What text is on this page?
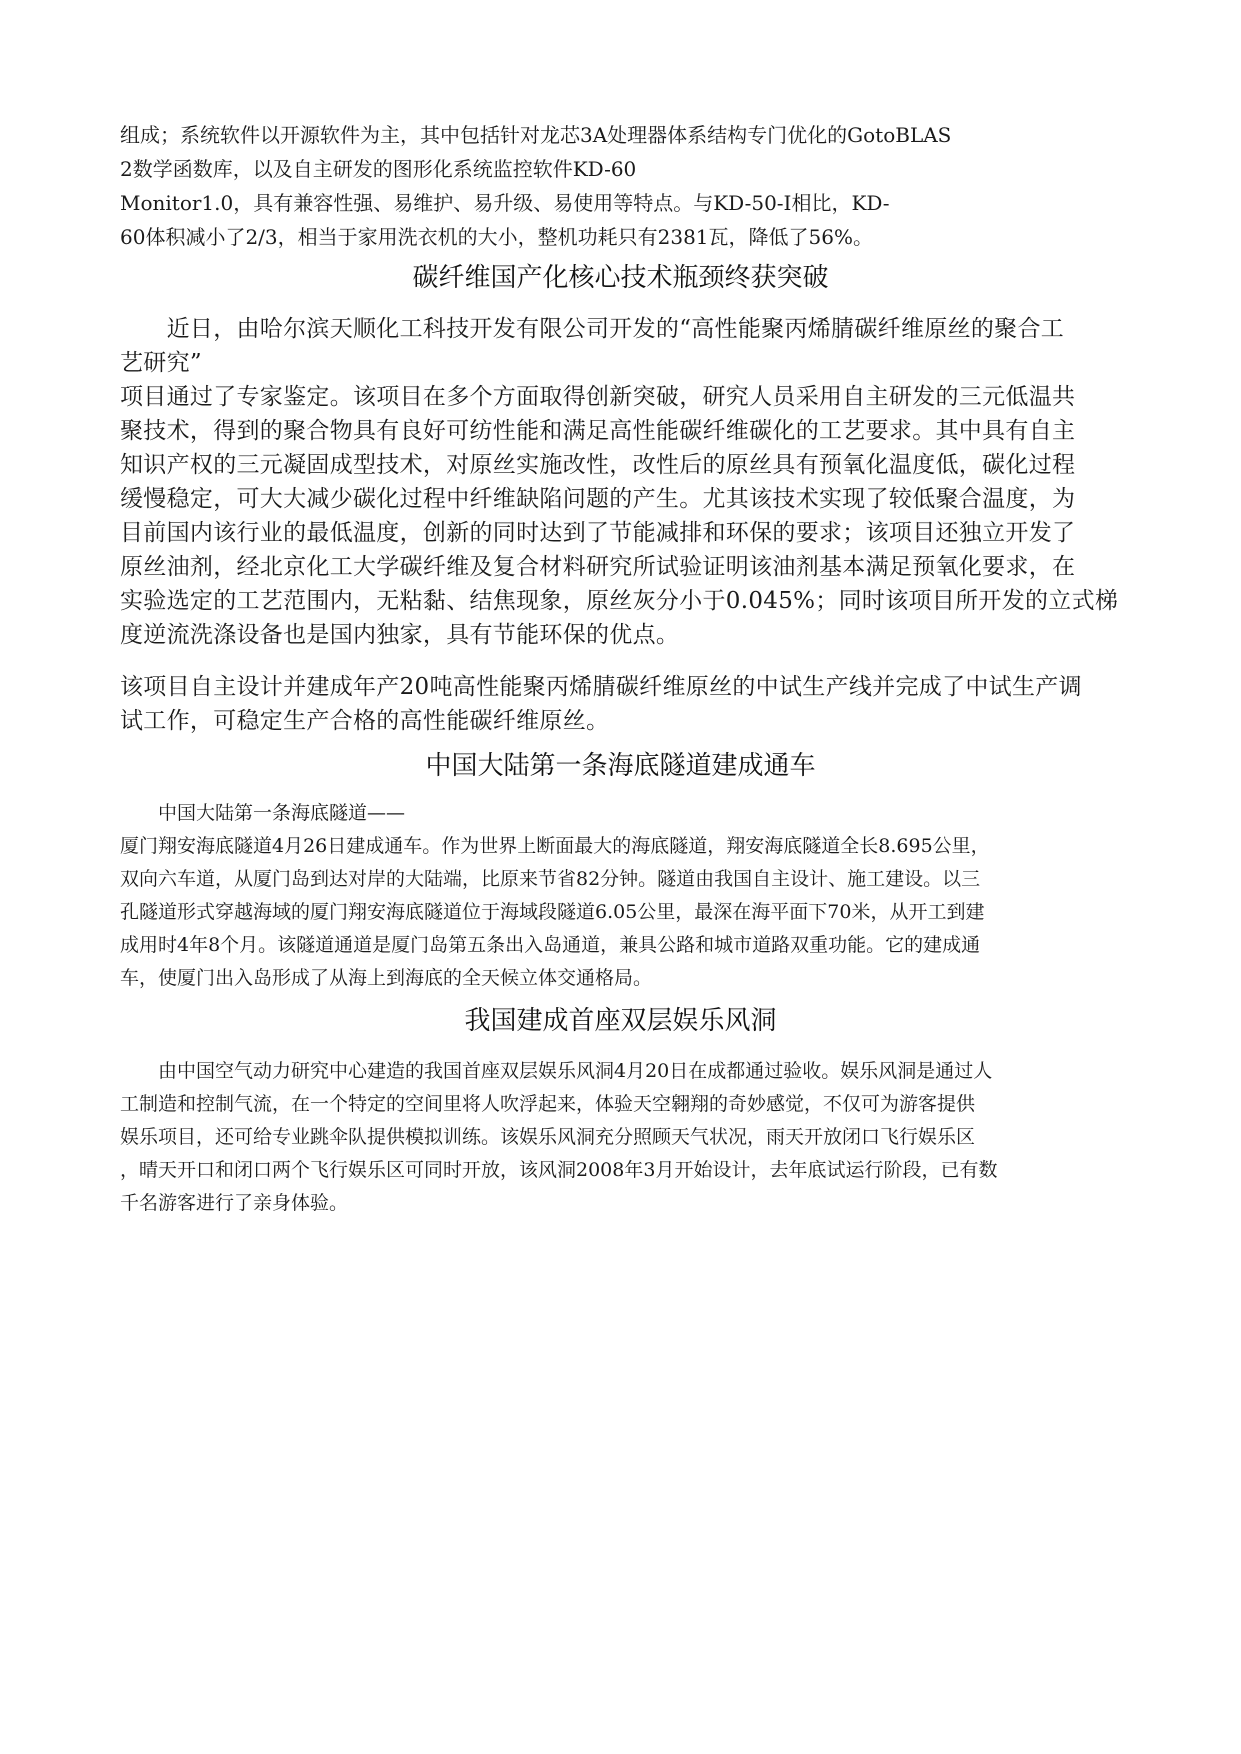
组成；系统软件以开源软件为主，其中包括针对龙芯3A处理器体系结构专门优化的GotoBLAS
2数学函数库，以及自主研发的图形化系统监控软件KD-60
Monitor1.0，具有兼容性强、易维护、易升级、易使用等特点。与KD-50-I相比，KD-
60体积减小了2/3，相当于家用洗衣机的大小，整机功耗只有2381瓦，降低了56%。
碳纤维国产化核心技术瓶颈终获突破
　　近日，由哈尔滨天顺化工科技开发有限公司开发的“高性能聚丙烯腈碳纤维原丝的聚合工
艺研究”
项目通过了专家鉴定。该项目在多个方面取得创新突破，研究人员采用自主研发的三元低温共
聚技术，得到的聚合物具有良好可纺性能和满足高性能碳纤维碳化的工艺要求。其中具有自主
知识产权的三元凝固成型技术，对原丝实施改性，改性后的原丝具有预氧化温度低，碳化过程
缓慢稳定，可大大减少碳化过程中纤维缺陷问题的产生。尤其该技术实现了较低聚合温度，为
目前国内该行业的最低温度，创新的同时达到了节能减排和环保的要求；该项目还独立开发了
原丝油剂，经北京化工大学碳纤维及复合材料研究所试验证明该油剂基本满足预氧化要求，在
实验选定的工艺范围内，无粘黏、结焦现象，原丝灰分小于0.045%；同时该项目所开发的立式梯
度逆流洗涤设备也是国内独家，具有节能环保的优点。
该项目自主设计并建成年产20吨高性能聚丙烯腈碳纤维原丝的中试生产线并完成了中试生产调
试工作，可稳定生产合格的高性能碳纤维原丝。
中国大陆第一条海底隧道建成通车
　　中国大陆第一条海底隧道——
厦门翔安海底隧道4月26日建成通车。作为世界上断面最大的海底隧道，翔安海底隧道全长8.695公里，
双向六车道，从厦门岛到达对岸的大陆端，比原来节省82分钟。隧道由我国自主设计、施工建设。以三
孔隧道形式穿越海域的厦门翔安海底隧道位于海域段隧道6.05公里，最深在海平面下70米，从开工到建
成用时4年8个月。该隧道通道是厦门岛第五条出入岛通道，兼具公路和城市道路双重功能。它的建成通
车，使厦门出入岛形成了从海上到海底的全天候立体交通格局。
我国建成首座双层娱乐风洞
　　由中国空气动力研究中心建造的我国首座双层娱乐风洞4月20日在成都通过验收。娱乐风洞是通过人
工制造和控制气流，在一个特定的空间里将人吹浮起来，体验天空翱翔的奇妙感觉，不仅可为游客提供
娱乐项目，还可给专业跳伞队提供模拟训练。该娱乐风洞充分照顾天气状况，雨天开放闭口飞行娱乐区
，晴天开口和闭口两个飞行娱乐区可同时开放，该风洞2008年3月开始设计，去年底试运行阶段，已有数
千名游客进行了亲身体验。
